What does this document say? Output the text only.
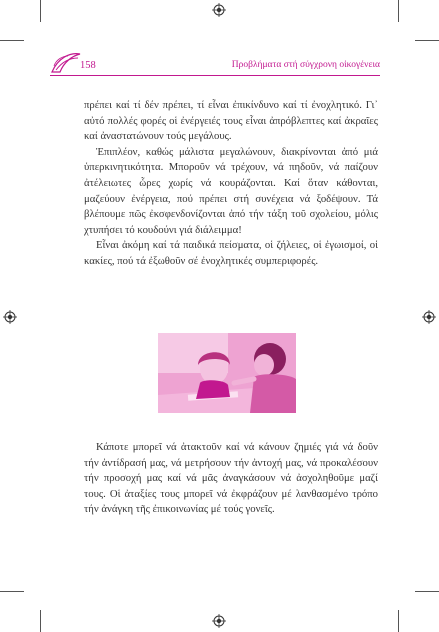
158	Προβλήματα στή σύγχρονη οἰκογένεια

πρέπει καί τί δέν πρέπει, τί εἶναι ἐπικίνδυνο καί τί ἐνοχλητικό. Γι᾽ αὐτό πολλές φορές οἱ ἐνέργειές τους εἶναι ἀπρόβλεπτες καί ἀκραῖες καί ἀναστατώνουν τούς μεγάλους.

Ἐπιπλέον, καθώς μάλιστα μεγαλώνουν, διακρίνονται ἀπό μιά ὑπερκινητικότητα. Μποροῦν νά τρέχουν, νά πηδοῦν, νά παίζουν ἀτέλειωτες ὧρες χωρίς νά κουράζονται. Καί ὅταν κάθονται, μαζεύουν ἐνέργεια, πού πρέπει στή συνέχεια νά ξοδέψουν. Τά βλέπουμε πῶς ἐκσφενδονίζονται ἀπό τήν τάξη τοῦ σχολείου, μόλις χτυπήσει τό κουδούνι γιά διάλειμμα!

Εἶναι ἀκόμη καί τά παιδικά πείσματα, οἱ ζήλειες, οἱ ἐγωισμοί, οἱ κακίες, πού τά ἐξωθοῦν σέ ἐνοχλητικές συμπεριφορές.

Κάποτε μπορεῖ νά ἀτακτοῦν καί νά κάνουν ζημιές γιά νά δοῦν τήν ἀντίδρασή μας, νά μετρήσουν τήν ἀντοχή μας, νά προκαλέσουν τήν προσοχή μας καί νά μᾶς ἀναγκάσουν νά ἀσχοληθοῦμε μαζί τους. Οἱ ἀταξίες τους μπορεῖ νά ἐκφράζουν μέ λανθασμένο τρόπο τήν ἀνάγκη τῆς ἐπικοινωνίας μέ τούς γονεῖς.
